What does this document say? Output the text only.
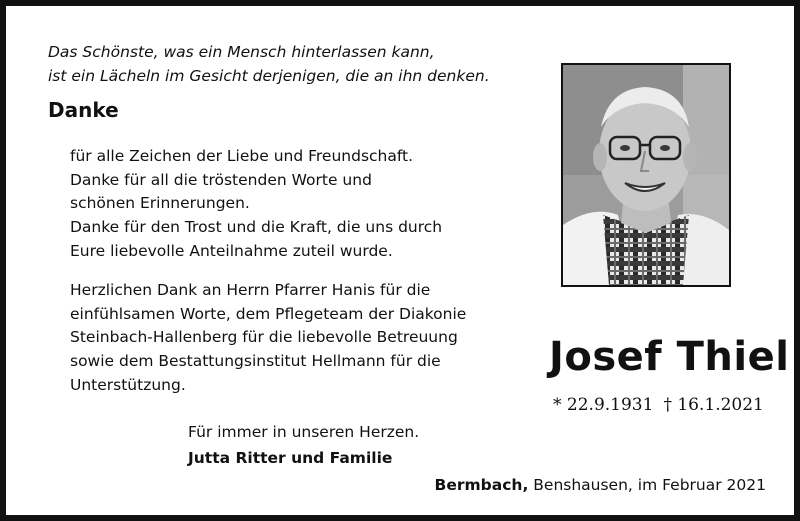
Das Schönste, was ein Mensch hinterlassen kann,
ist ein Lächeln im Gesicht derjenigen, die an ihn denken.
Danke
für alle Zeichen der Liebe und Freundschaft.
Danke für all die tröstenden Worte und
schönen Erinnerungen.
Danke für den Trost und die Kraft, die uns durch
Eure liebevolle Anteilnahme zuteil wurde.
Herzlichen Dank an Herrn Pfarrer Hanis für die
einfühlsamen Worte, dem Pflegeteam der Diakonie
Steinbach-Hallenberg für die liebevolle Betreuung
sowie dem Bestattungsinstitut Hellmann für die
Unterstützung.
Für immer in unseren Herzen.
Jutta Ritter und Familie
Josef Thiel
* 22.9.1931 † 16.1.2021
Bermbach, Benshausen, im Februar 2021
